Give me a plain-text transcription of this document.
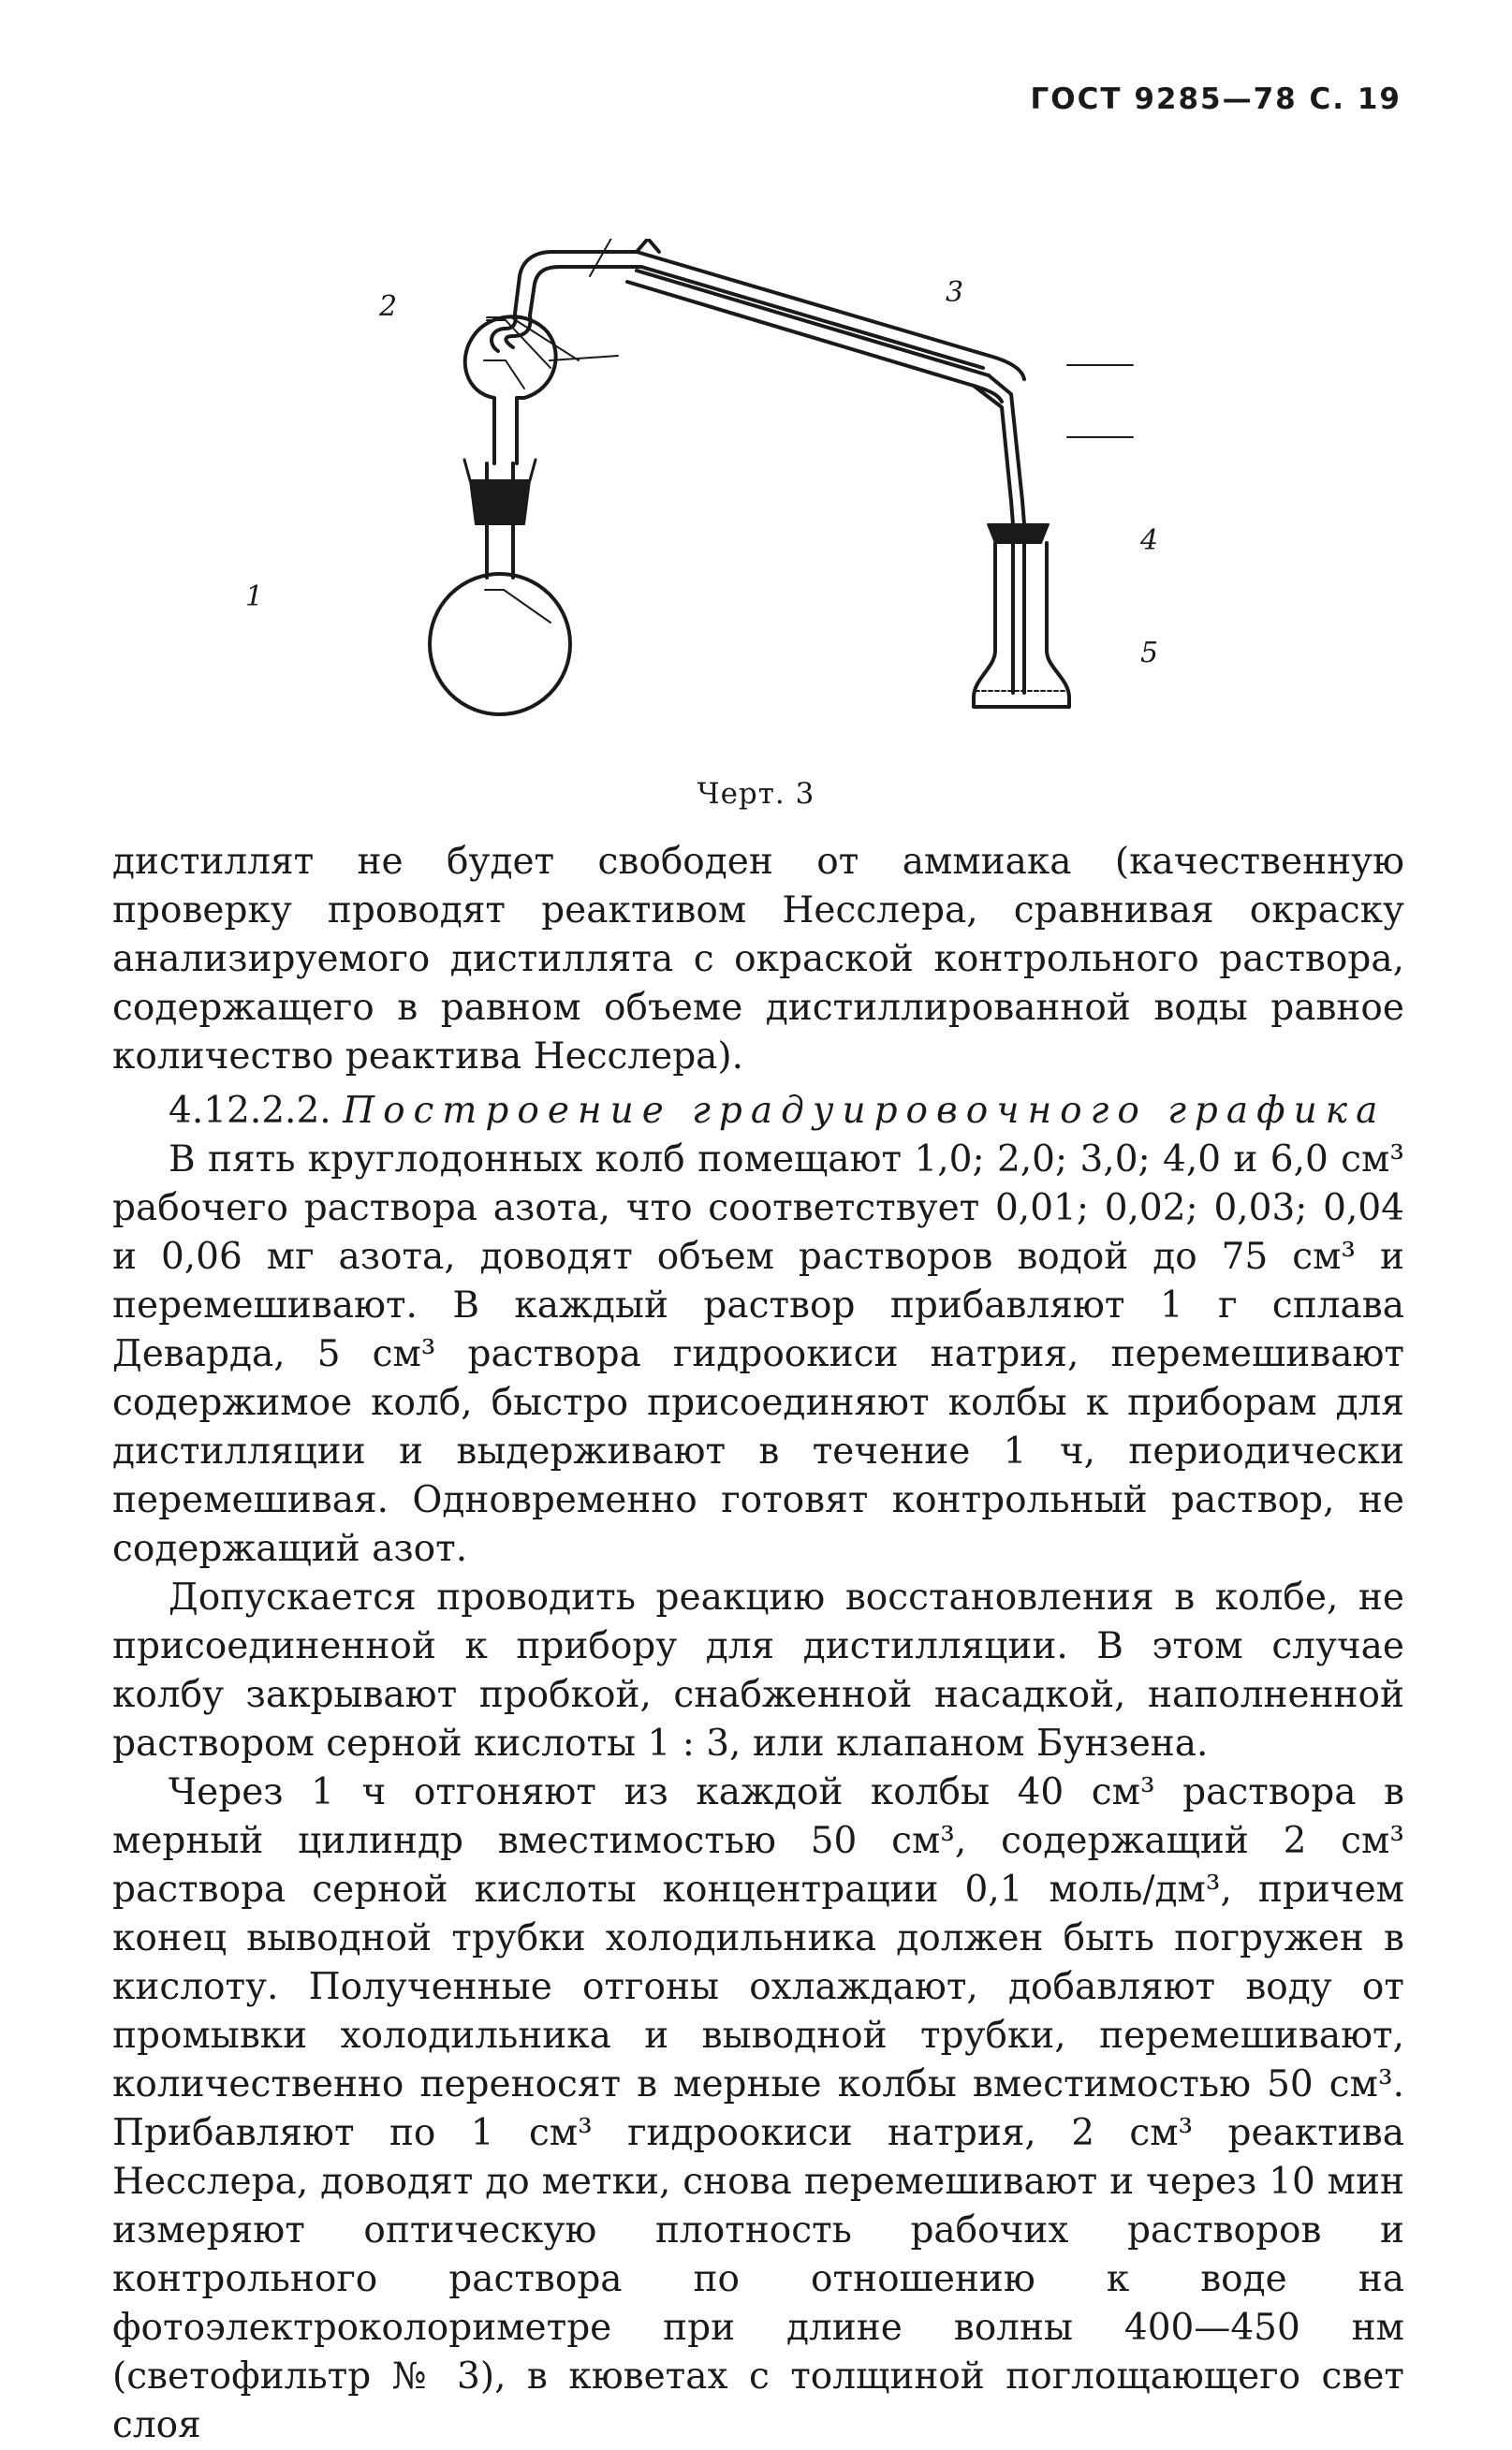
ГОСТ 9285—78 С. 19
1
2	3
4
5
Черт. 3

дистиллят не будет свободен от аммиака (качественную проверку проводят реактивом Несслера, сравнивая окраску анализируемого дистиллята с окраской контрольного раствора, содержащего в равном объеме дистиллированной воды равное количество реактива Несслера).

4.12.2.2. Построение градуировочного графика

В пять круглодонных колб помещают 1,0; 2,0; 3,0; 4,0 и 6,0 см³ рабочего раствора азота, что соответствует 0,01; 0,02; 0,03; 0,04 и 0,06 мг азота, доводят объем растворов водой до 75 см³ и перемешивают. В каждый раствор прибавляют 1 г сплава Деварда, 5 см³ раствора гидроокиси натрия, перемешивают содержимое колб, быстро присоединяют колбы к приборам для дистилляции и выдерживают в течение 1 ч, периодически перемешивая. Одновременно готовят контрольный раствор, не содержащий азот.

Допускается проводить реакцию восстановления в колбе, не присоединенной к прибору для дистилляции. В этом случае колбу закрывают пробкой, снабженной насадкой, наполненной раствором серной кислоты 1 : 3, или клапаном Бунзена.

Через 1 ч отгоняют из каждой колбы 40 см³ раствора в мерный цилиндр вместимостью 50 см³, содержащий 2 см³ раствора серной кислоты концентрации 0,1 моль/дм³, причем конец выводной трубки холодильника должен быть погружен в кислоту. Полученные отгоны охлаждают, добавляют воду от промывки холодильника и выводной трубки, перемешивают, количественно переносят в мерные колбы вместимостью 50 см³. Прибавляют по 1 см³ гидроокиси натрия, 2 см³ реактива Несслера, доводят до метки, снова перемешивают и через 10 мин измеряют оптическую плотность рабочих растворов и контрольного раствора по отношению к воде на фотоэлектроколориметре при длине волны 400—450 нм (светофильтр № 3), в кюветах с толщиной поглощающего свет слоя
